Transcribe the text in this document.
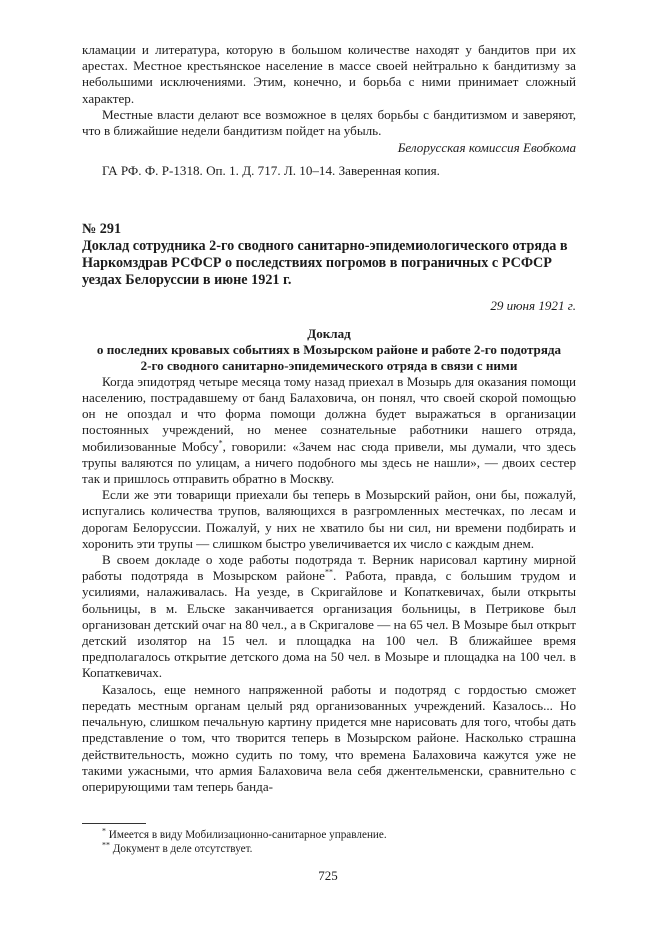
кламации и литература, которую в большом количестве находят у бандитов при их арестах. Местное крестьянское население в массе своей нейтрально к бандитизму за небольшими исключениями. Этим, конечно, и борьба с ними принимает сложный характер.

Местные власти делают все возможное в целях борьбы с бандитизмом и заверяют, что в ближайшие недели бандитизм пойдет на убыль.

Белорусская комиссия Евобкома

ГА РФ. Ф. Р-1318. Оп. 1. Д. 717. Л. 10–14. Заверенная копия.

№ 291

Доклад сотрудника 2-го сводного санитарно-эпидемиологического отряда в Наркомздрав РСФСР о последствиях погромов в пограничных с РСФСР уездах Белоруссии в июне 1921 г.

29 июня 1921 г.

Доклад
о последних кровавых событиях в Мозырском районе и работе 2-го подотряда
2-го сводного санитарно-эпидемического отряда в связи с ними

Когда эпидотряд четыре месяца тому назад приехал в Мозырь для оказания помощи населению, пострадавшему от банд Балаховича, он понял, что своей скорой помощью он не опоздал и что форма помощи должна будет выражаться в организации постоянных учреждений, но менее сознательные работники нашего отряда, мобилизованные Мобсу*, говорили: «Зачем нас сюда привели, мы думали, что здесь трупы валяются по улицам, а ничего подобного мы здесь не нашли», — двоих сестер так и пришлось отправить обратно в Москву.

Если же эти товарищи приехали бы теперь в Мозырский район, они бы, пожалуй, испугались количества трупов, валяющихся в разгромленных местечках, по лесам и дорогам Белоруссии. Пожалуй, у них не хватило бы ни сил, ни времени подбирать и хоронить эти трупы — слишком быстро увеличивается их число с каждым днем.

В своем докладе о ходе работы подотряда т. Верник нарисовал картину мирной работы подотряда в Мозырском районе**. Работа, правда, с большим трудом и усилиями, налаживалась. На уезде, в Скригайлове и Копаткевичах, были открыты больницы, в м. Ельске заканчивается организация больницы, в Петрикове был организован детский очаг на 80 чел., а в Скригалове — на 65 чел. В Мозыре был открыт детский изолятор на 15 чел. и площадка на 100 чел. В ближайшее время предполагалось открытие детского дома на 50 чел. в Мозыре и площадка на 100 чел. в Копаткевичах.

Казалось, еще немного напряженной работы и подотряд с гордостью сможет передать местным органам целый ряд организованных учреждений. Казалось... Но печальную, слишком печальную картину придется мне нарисовать для того, чтобы дать представление о том, что творится теперь в Мозырском районе. Насколько страшна действительность, можно судить по тому, что времена Балаховича кажутся уже не такими ужасными, что армия Балаховича вела себя джентельменски, сравнительно с оперирующими там теперь банда-

* Имеется в виду Мобилизационно-санитарное управление.
** Документ в деле отсутствует.
725
